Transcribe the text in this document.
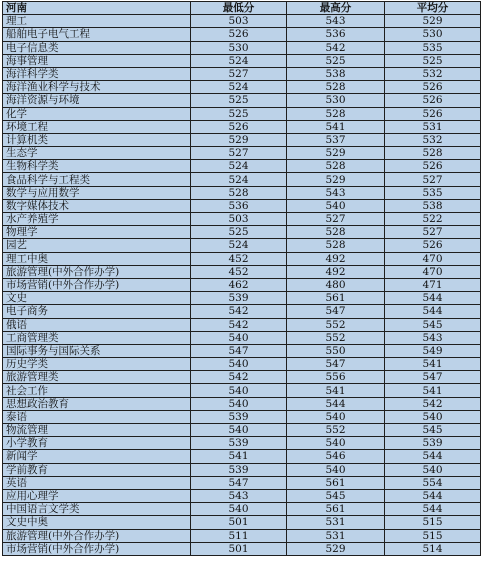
河南	最低分	最高分	平均分
理工	503	543	529
船舶电子电气工程	526	536	530
电子信息类	530	542	535
海事管理	524	525	525
海洋科学类	527	538	532
海洋渔业科学与技术	524	528	526
海洋资源与环境	525	530	526
化学	525	528	526
环境工程	526	541	531
计算机类	529	537	532
生态学	527	529	528
生物科学类	524	528	526
食品科学与工程类	524	529	527
数学与应用数学	528	543	535
数字媒体技术	536	540	538
水产养殖学	503	527	522
物理学	525	528	527
园艺	524	528	526
理工中奥	452	492	470
旅游管理(中外合作办学)	452	492	470
市场营销(中外合作办学)	462	480	471
文史	539	561	544
电子商务	542	547	544
俄语	542	552	545
工商管理类	540	552	543
国际事务与国际关系	547	550	549
历史学类	540	547	541
旅游管理类	542	556	547
社会工作	540	541	541
思想政治教育	540	544	542
泰语	539	540	540
物流管理	540	552	545
小学教育	539	540	539
新闻学	541	546	544
学前教育	539	540	540
英语	547	561	554
应用心理学	543	545	544
中国语言文学类	540	561	544
文史中奥	501	531	515
旅游管理(中外合作办学)	511	531	515
市场营销(中外合作办学)	501	529	514
